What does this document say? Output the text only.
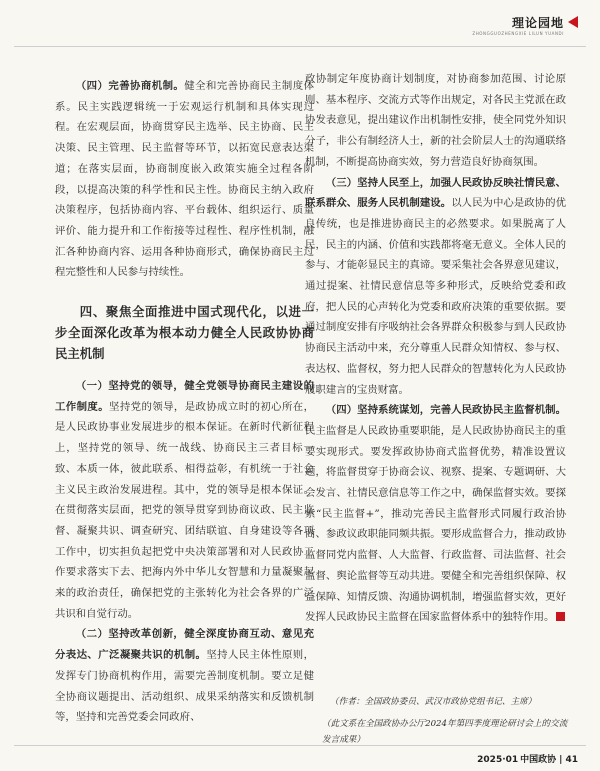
理论园地
ZHONGGUOZHENGXIE LILUN YUANDI

（四）完善协商机制。健全和完善协商民主制度体系。民主实践逻辑统一于宏观运行机制和具体实现过程。在宏观层面，协商贯穿民主选举、民主协商、民主决策、民主管理、民主监督等环节，以拓宽民意表达渠道；在落实层面，协商制度嵌入政策实施全过程各阶段，以提高决策的科学性和民主性。协商民主纳入政府决策程序，包括协商内容、平台载体、组织运行、质量评价、能力提升和工作衔接等过程性、程序性机制，融汇各种协商内容、运用各种协商形式，确保协商民主过程完整性和人民参与持续性。

四、聚焦全面推进中国式现代化，以进一步全面深化改革为根本动力健全人民政协协商民主机制

（一）坚持党的领导，健全党领导协商民主建设的工作制度。坚持党的领导，是政协成立时的初心所在，是人民政协事业发展进步的根本保证。在新时代新征程上，坚持党的领导、统一战线、协商民主三者目标一致、本质一体，彼此联系、相得益彰，有机统一于社会主义民主政治发展进程。其中，党的领导是根本保证。在贯彻落实层面，把党的领导贯穿到协商议政、民主监督、凝聚共识、调查研究、团结联谊、自身建设等各项工作中，切实担负起把党中央决策部署和对人民政协工作要求落实下去、把海内外中华儿女智慧和力量凝聚起来的政治责任，确保把党的主张转化为社会各界的广泛共识和自觉行动。

（二）坚持改革创新，健全深度协商互动、意见充分表达、广泛凝聚共识的机制。坚持人民主体性原则，发挥专门协商机构作用，需要完善制度机制。要立足健全协商议题提出、活动组织、成果采纳落实和反馈机制等，坚持和完善党委会同政府、

政协制定年度协商计划制度，对协商参加范围、讨论原则、基本程序、交流方式等作出规定，对各民主党派在政协发表意见，提出建议作出机制性安排，使全同党外知识分子，非公有制经济人士，新的社会阶层人士的沟通联络机制，不断提高协商实效，努力营造良好协商氛围。

（三）坚持人民至上，加强人民政协反映社情民意、联系群众、服务人民机制建设。以人民为中心是政协的优良传统，也是推进协商民主的必然要求。如果脱离了人民，民主的内涵、价值和实践都将毫无意义。全体人民的参与、才能彰显民主的真谛。要采集社会各界意见建议，通过提案、社情民意信息等多种形式，反映给党委和政府，把人民的心声转化为党委和政府决策的重要依据。要通过制度安排有序吸纳社会各界群众积极参与到人民政协协商民主活动中来，充分尊重人民群众知情权、参与权、表达权、监督权，努力把人民群众的智慧转化为人民政协履职建言的宝贵财富。

（四）坚持系统谋划，完善人民政协民主监督机制。民主监督是人民政协重要职能，是人民政协协商民主的重要实现形式。要发挥政协协商式监督优势，精准设置议题，将监督贯穿于协商会议、视察、提案、专题调研、大会发言、社情民意信息等工作之中，确保监督实效。要探索“民主监督+”，推动完善民主监督形式同履行政治协商、参政议政职能同频共振。要形成监督合力，推动政协监督同党内监督、人大监督、行政监督、司法监督、社会监督、舆论监督等互动共进。要健全和完善组织保障、权益保障、知情反馈、沟通协调机制，增强监督实效，更好发挥人民政协民主监督在国家监督体系中的独特作用。

（作者：全国政协委员、武汉市政协党组书记、主席）
（此文系在全国政协办公厅2024年第四季度理论研讨会上的交流发言成果）
2025·01 中国政协 | 41
